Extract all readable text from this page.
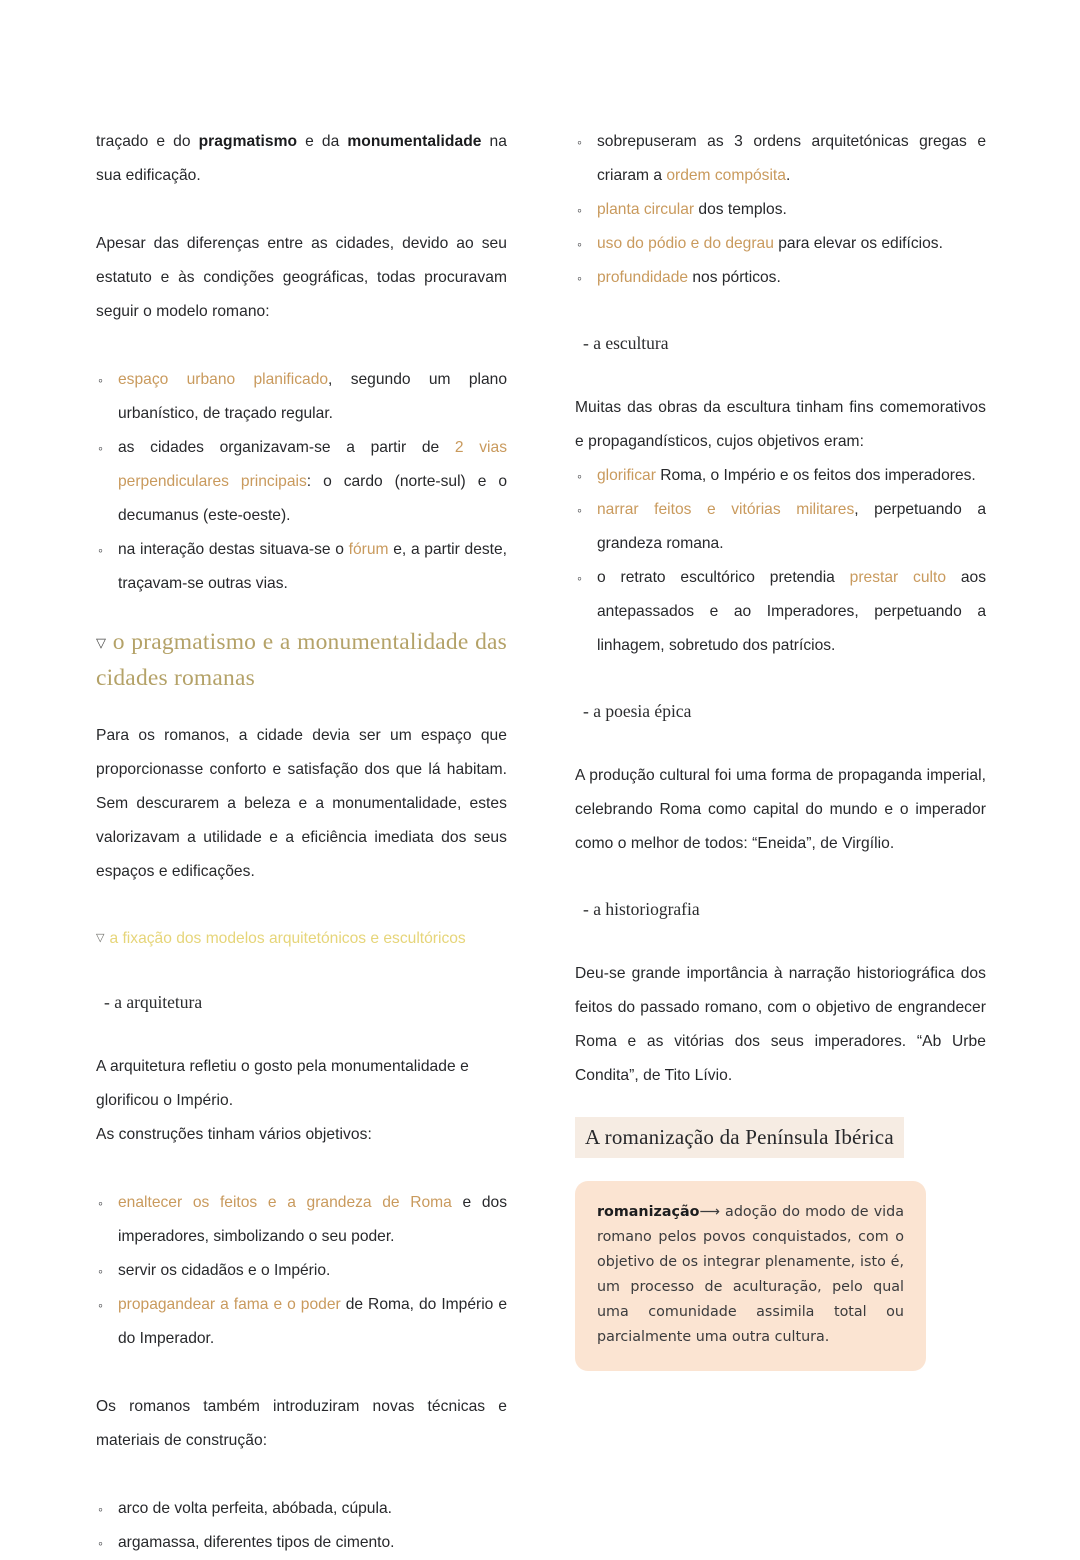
traçado e do pragmatismo e da monumentalidade na sua edificação.

Apesar das diferenças entre as cidades, devido ao seu estatuto e às condições geográficas, todas procuravam seguir o modelo romano:

◦ espaço urbano planificado, segundo um plano urbanístico, de traçado regular.
◦ as cidades organizavam-se a partir de 2 vias perpendiculares principais: o cardo (norte-sul) e o decumanus (este-oeste).
◦ na interação destas situava-se o fórum e, a partir deste, traçavam-se outras vias.

▽ o pragmatismo e a monumentalidade das cidades romanas

Para os romanos, a cidade devia ser um espaço que proporcionasse conforto e satisfação dos que lá habitam. Sem descurarem a beleza e a monumentalidade, estes valorizavam a utilidade e a eficiência imediata dos seus espaços e edificações.

▽ a fixação dos modelos arquitetónicos e escultóricos

- a arquitetura

A arquitetura refletiu o gosto pela monumentalidade e glorificou o Império.

As construções tinham vários objetivos:

◦ enaltecer os feitos e a grandeza de Roma e dos imperadores, simbolizando o seu poder.
◦ servir os cidadãos e o Império.
◦ propagandear a fama e o poder de Roma, do Império e do Imperador.

Os romanos também introduziram novas técnicas e materiais de construção:

◦ arco de volta perfeita, abóbada, cúpula.
◦ argamassa, diferentes tipos de cimento.
◦ sobrepuseram as 3 ordens arquitetónicas gregas e criaram a ordem compósita.
◦ planta circular dos templos.
◦ uso do pódio e do degrau para elevar os edifícios.
◦ profundidade nos pórticos.

- a escultura

Muitas das obras da escultura tinham fins comemorativos e propagandísticos, cujos objetivos eram:

◦ glorificar Roma, o Império e os feitos dos imperadores.
◦ narrar feitos e vitórias militares, perpetuando a grandeza romana.
◦ o retrato escultórico pretendia prestar culto aos antepassados e ao Imperadores, perpetuando a linhagem, sobretudo dos patrícios.

- a poesia épica

A produção cultural foi uma forma de propaganda imperial, celebrando Roma como capital do mundo e o imperador como o melhor de todos: “Eneida”, de Virgílio.

- a historiografia

Deu-se grande importância à narração historiográfica dos feitos do passado romano, com o objetivo de engrandecer Roma e as vitórias dos seus imperadores. “Ab Urbe Condita”, de Tito Lívio.

A romanização da Península Ibérica

romanização⟶ adoção do modo de vida romano pelos povos conquistados, com o objetivo de os integrar plenamente, isto é, um processo de aculturação, pelo qual uma comunidade assimila total ou parcialmente uma outra cultura.
